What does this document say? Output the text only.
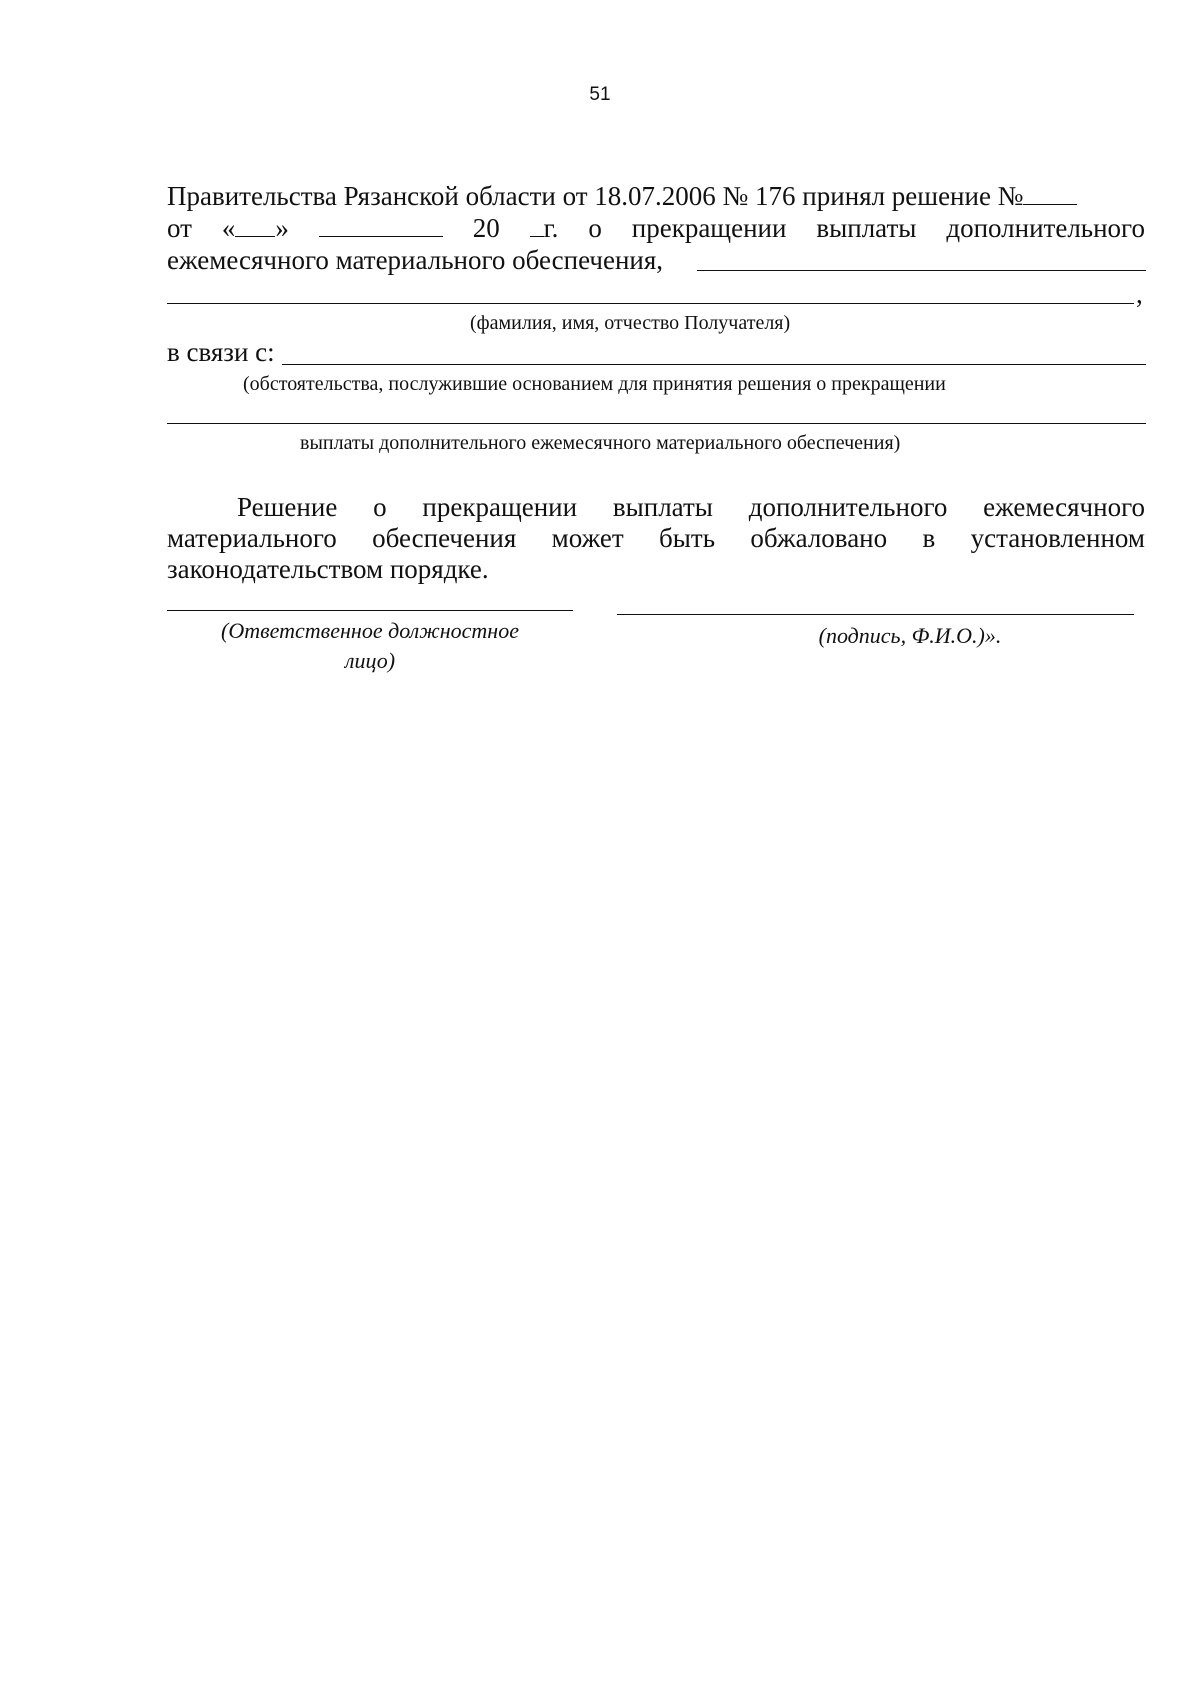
51
Правительства Рязанской области от 18.07.2006 № 176 принял решение №
от « »	20	г. о прекращении выплаты дополнительного
ежемесячного материального обеспечения,
,
(фамилия, имя, отчество Получателя)
в связи с:
(обстоятельства, послужившие основанием для принятия решения о прекращении
выплаты дополнительного ежемесячного материального обеспечения)
Решение о прекращении выплаты дополнительного ежемесячного
материального обеспечения может быть обжаловано в установленном
законодательством порядке.
(Ответственное должностное
лицо)
(подпись, Ф.И.О.)».
